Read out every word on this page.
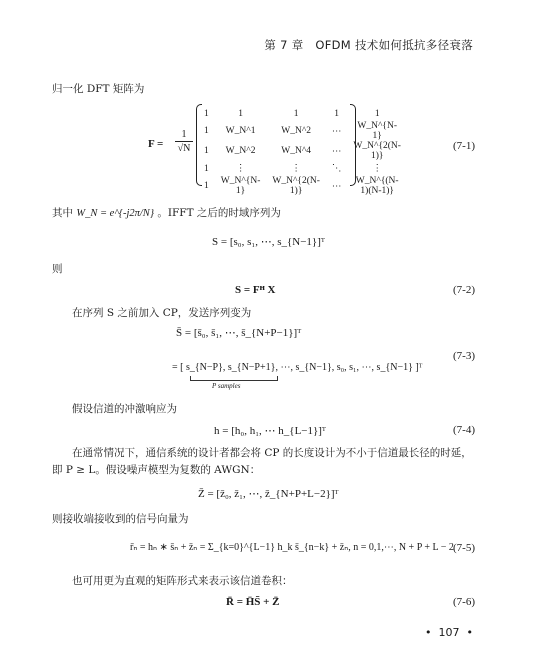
第 7 章 OFDM 技术如何抵抗多径衰落
归一化 DFT 矩阵为
$F = \frac{1}{√N}$
1	1	1	1	1
1	W_N^1	W_N^2	⋯	W_N^{N-1}
1	W_N^2	W_N^4	⋯	W_N^{2(N-1)}
1	⋮	⋮	⋱	⋮
1	W_N^{N-1}	W_N^{2(N-1)}	⋯	W_N^{(N-1)(N-1)}
(7-1)
其中 W_N = e^{-j2π/N} 。IFFT 之后的时域序列为
S = [s₀, s₁, ⋯, s_{N−1}]ᵀ
则
S = Fᴴ X	(7-2)
在序列 S 之前加入 CP，发送序列变为
S̄ = [s̄₀, s̄₁, ⋯, s̄_{N+P−1}]ᵀ
= [ s_{N−P}, s_{N−P+1}, ⋯, s_{N−1}, s₀, s₁, ⋯, s_{N−1} ]ᵀ
P samples
(7-3)
假设信道的冲激响应为
h = [h₀, h₁, ⋯ h_{L−1}]ᵀ	(7-4)
在通常情况下，通信系统的设计者都会将 CP 的长度设计为不小于信道最长径的时延，
即 P ≥ L。假设噪声模型为复数的 AWGN：
Z̄ = [z̄₀, z̄₁, ⋯, z̄_{N+P+L−2}]ᵀ
则接收端接收到的信号向量为
r̄ₙ = hₙ ∗ s̄ₙ + z̄ₙ = Σ_{k=0}^{L−1} h_k s̄_{n−k} + z̄ₙ, n = 0,1,⋯, N + P + L − 2 (7-5)
也可用更为直观的矩阵形式来表示该信道卷积：
R̄ = H̄S̄ + Z̄	(7-6)
•  107  •
